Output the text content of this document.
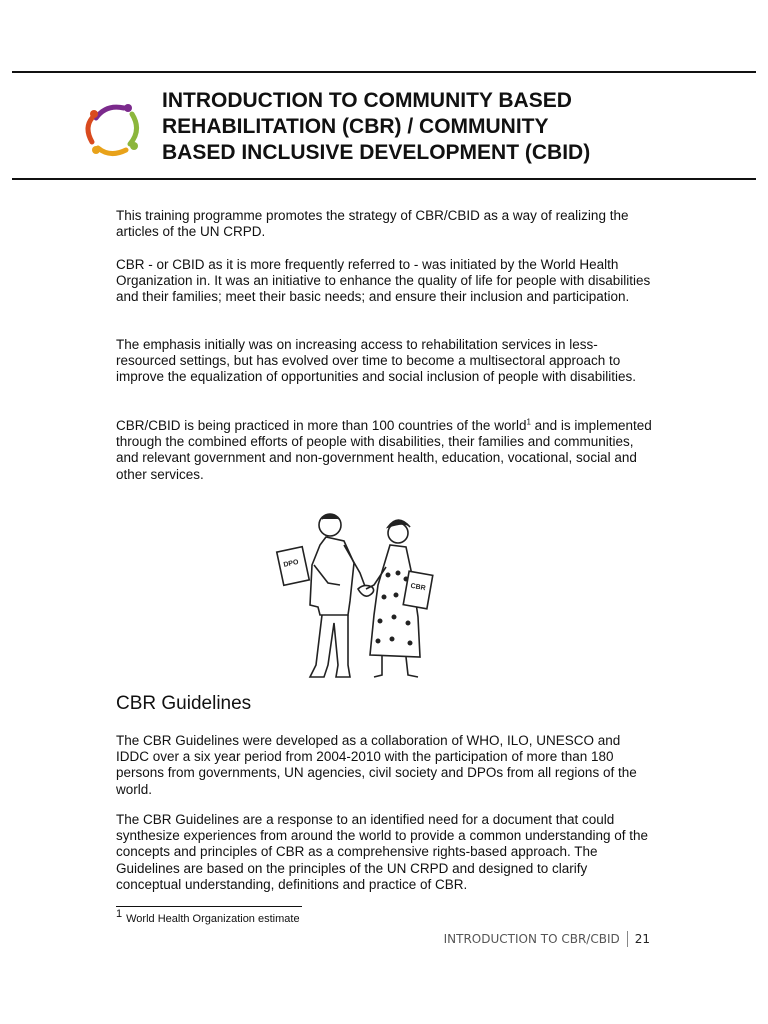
INTRODUCTION TO COMMUNITY BASED
REHABILITATION (CBR) / COMMUNITY
BASED INCLUSIVE DEVELOPMENT (CBID)

This training programme promotes the strategy of CBR/CBID as a way of realizing the articles of the UN CRPD.

CBR - or CBID as it is more frequently referred to - was initiated by the World Health Organization in. It was an initiative to enhance the quality of life for people with disabilities and their families; meet their basic needs; and ensure their inclusion and participation.

The emphasis initially was on increasing access to rehabilitation services in less-resourced settings, but has evolved over time to become a multisectoral approach to improve the equalization of opportunities and social inclusion of people with disabilities.

CBR/CBID is being practiced in more than 100 countries of the world$^1$ and is implemented through the combined efforts of people with disabilities, their families and communities, and relevant government and non-government health, education, vocational, social and other services.

DPO
CBR
CBR Guidelines

The CBR Guidelines were developed as a collaboration of WHO, ILO, UNESCO and IDDC over a six year period from 2004-2010 with the participation of more than 180 persons from governments, UN agencies, civil society and DPOs from all regions of the world.

The CBR Guidelines are a response to an identified need for a document that could synthesize experiences from around the world to provide a common understanding of the concepts and principles of CBR as a comprehensive rights-based approach. The Guidelines are based on the principles of the UN CRPD and designed to clarify conceptual understanding, definitions and practice of CBR.

$^1$ World Health Organization estimate
INTRODUCTION TO CBR/CBID 21
